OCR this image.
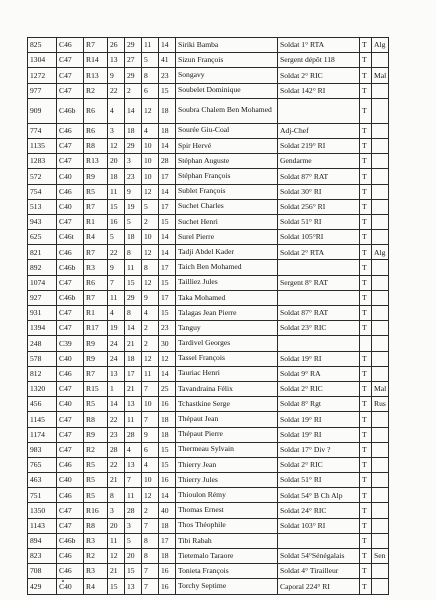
825	C46	R7	26	29	11	14	Siriki Bamba	Soldat 1° RTA	T	Alg
1304	C47	R14	13	27	5	41	Sizun François	Sergent dépôt 118	T	
1272	C47	R13	9	29	8	23	Songavy	Soldat 2° RIC	T	Mal
977	C47	R2	22	2	6	15	Soubelet Dominique	Soldat 142° RI	T	
909	C46b	R6	4	14	12	18	Soubra Chalem Ben Mohamed		T	
774	C46	R6	3	18	4	18	Sourée Giu-Coal	Adj-Chef	T	
1135	C47	R8	12	29	10	14	Spir Hervé	Soldat 219° RI	T	
1283	C47	R13	20	3	10	28	Stéphan Auguste	Gendarme	T	
572	C40	R9	18	23	10	17	Stéphan François	Soldat 87° RAT	T	
754	C46	R5	11	9	12	14	Sublet François	Soldat 30° RI	T	
513	C40	R7	15	19	5	17	Suchet Charles	Soldat 256° RI	T	
943	C47	R1	16	5	2	15	Suchet Henri	Soldat 51° RI	T	
625	C46t	R4	5	18	10	14	Surel Pierre	Soldat 105°RI	T	
821	C46	R7	22	8	12	14	Tadji Abdel Kader	Soldat 2° RTA	T	Alg
892	C46b	R3	9	11	8	17	Taich Ben Mohamed		T	
1074	C47	R6	7	15	12	15	Tailliez Jules	Sergent 8° RAT	T	
927	C46b	R7	11	29	9	17	Taka Mohamed		T	
931	C47	R1	4	8	4	15	Talagas Jean Pierre	Soldat 87° RAT	T	
1394	C47	R17	19	14	2	23	Tanguy	Soldat 23° RIC	T	
248	C39	R9	24	21	2	30	Tardivel Georges			
578	C40	R9	24	18	12	12	Tassel François	Soldat 19° RI	T	
812	C46	R7	13	17	11	14	Tauriac Henri	Soldat 9° RA	T	
1320	C47	R15	1	21	7	25	Tavandraina Félix	Soldat 2° RIC	T	Mal
456	C40	R5	14	13	10	16	Tchastkine Serge	Soldat 8° Rgt	T	Rus
1145	C47	R8	22	11	7	18	Thépaut Jean	Soldat 19° RI	T	
1174	C47	R9	23	28	9	18	Thépaut Pierre	Soldat 19° RI	T	
983	C47	R2	28	4	6	15	Thermeau Sylvain	Soldat 17° Div ?	T	
765	C46	R5	22	13	4	15	Thierry Jean	Soldat 2° RIC	T	
463	C40	R5	21	7	10	16	Thierry Jules	Soldat 51° RI	T	
751	C46	R5	8	11	12	14	Thioulon Rémy	Soldat 54° B Ch Alp	T	
1350	C47	R16	3	28	2	40	Thomas Ernest	Soldat 24° RIC	T	
1143	C47	R8	20	3	7	18	Thos Théophile	Soldat 103° RI	T	
894	C46b	R3	11	5	8	17	Tibi Rabah		T	
823	C46	R2	12	20	8	18	Tietemalo Taraore	Soldat 54°Sénégalais	T	Sen
708	C46	R3	21	15	7	16	Tonieta François	Soldat 4° Tirailleur	T	
429	C40	R4	15	13	7	16	Torchy Septime	Caporal 224° RI	T	
